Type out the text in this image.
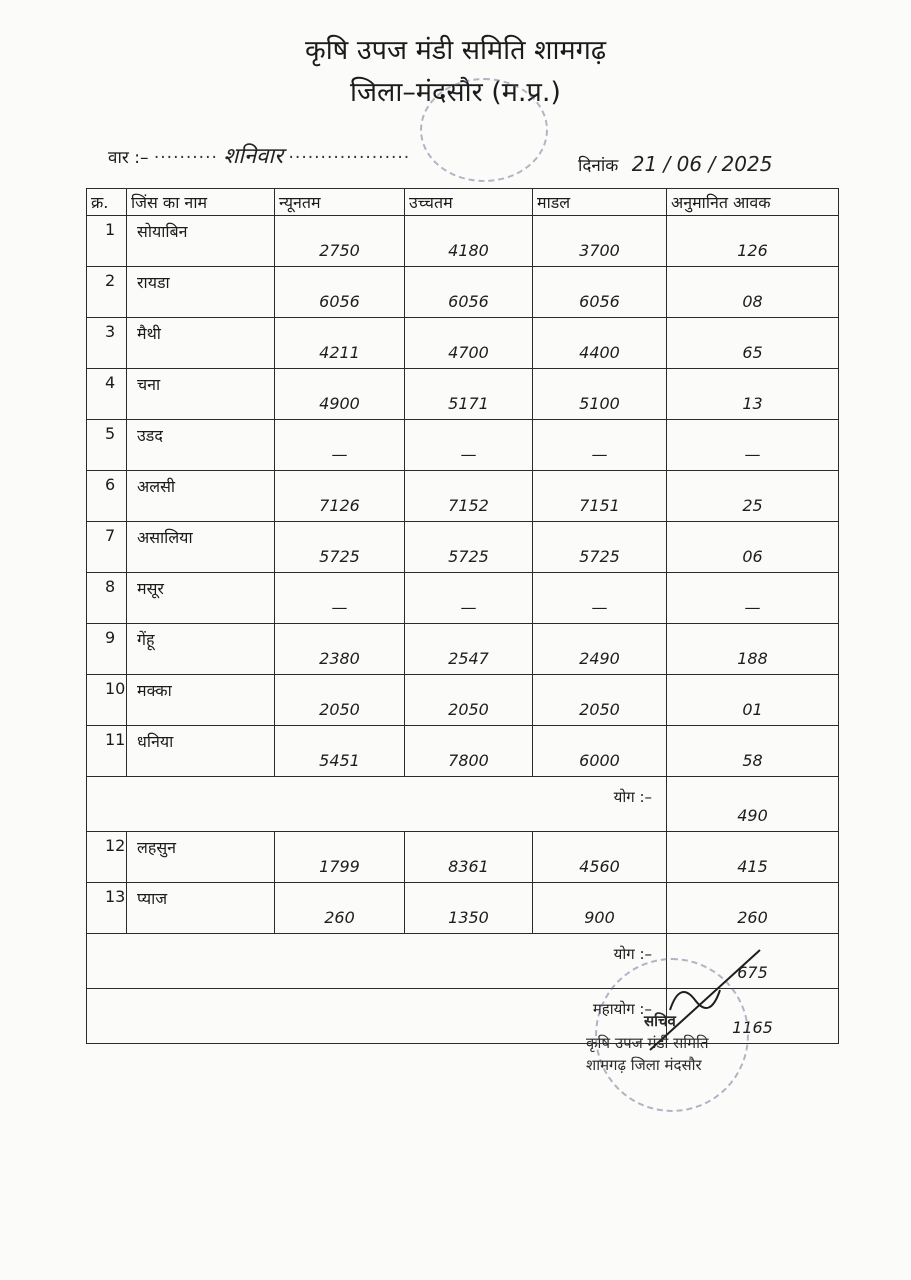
कृषि उपज मंडी समिति शामगढ़
जिला–मंदसौर (म.प्र.)
वार :– ·········· शनिवार ···················	दिनांक 21 / 06 / 2025
क्र.	जिंस का नाम	न्यूनतम	उच्चतम	माडल	अनुमानित आवक
1	सोयाबिन	2750	4180	3700	126
2	रायडा	6056	6056	6056	08
3	मैथी	4211	4700	4400	65
4	चना	4900	5171	5100	13
5	उडद	—	—	—	—
6	अलसी	7126	7152	7151	25
7	असालिया	5725	5725	5725	06
8	मसूर	—	—	—	—
9	गेंहू	2380	2547	2490	188
10	मक्का	2050	2050	2050	01
11	धनिया	5451	7800	6000	58
योग :–					490
12	लहसुन	1799	8361	4560	415
13	प्याज	260	1350	900	260
योग :–					675
महायोग :–					1165
सचिव
कृषि उपज मंडी समिति
शामगढ़ जिला मंदसौर
